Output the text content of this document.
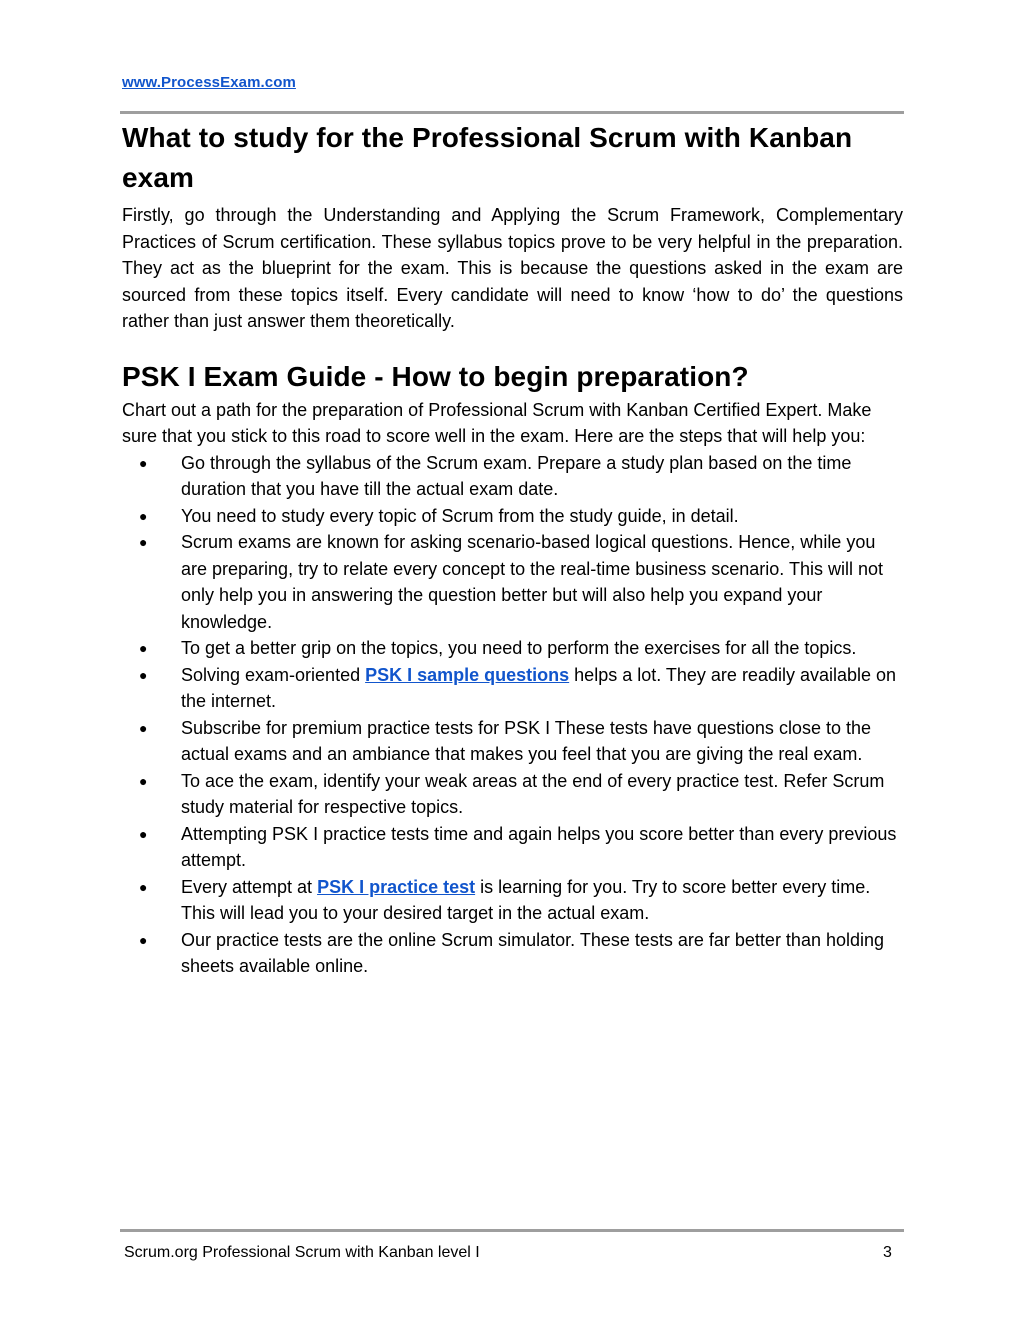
www.ProcessExam.com
What to study for the Professional Scrum with Kanban exam

Firstly, go through the Understanding and Applying the Scrum Framework, Complementary Practices of Scrum certification. These syllabus topics prove to be very helpful in the preparation. They act as the blueprint for the exam. This is because the questions asked in the exam are sourced from these topics itself. Every candidate will need to know ‘how to do’ the questions rather than just answer them theoretically.

PSK I Exam Guide - How to begin preparation?

Chart out a path for the preparation of Professional Scrum with Kanban Certified Expert. Make sure that you stick to this road to score well in the exam. Here are the steps that will help you:

● Go through the syllabus of the Scrum exam. Prepare a study plan based on the time duration that you have till the actual exam date.
● You need to study every topic of Scrum from the study guide, in detail.
● Scrum exams are known for asking scenario-based logical questions. Hence, while you are preparing, try to relate every concept to the real-time business scenario. This will not only help you in answering the question better but will also help you expand your knowledge.
● To get a better grip on the topics, you need to perform the exercises for all the topics.
● Solving exam-oriented PSK I sample questions helps a lot. They are readily available on the internet.
● Subscribe for premium practice tests for PSK I These tests have questions close to the actual exams and an ambiance that makes you feel that you are giving the real exam.
● To ace the exam, identify your weak areas at the end of every practice test. Refer Scrum study material for respective topics.
● Attempting PSK I practice tests time and again helps you score better than every previous attempt.
● Every attempt at PSK I practice test is learning for you. Try to score better every time. This will lead you to your desired target in the actual exam.
● Our practice tests are the online Scrum simulator. These tests are far better than holding sheets available online.
Scrum.org Professional Scrum with Kanban level I	3
